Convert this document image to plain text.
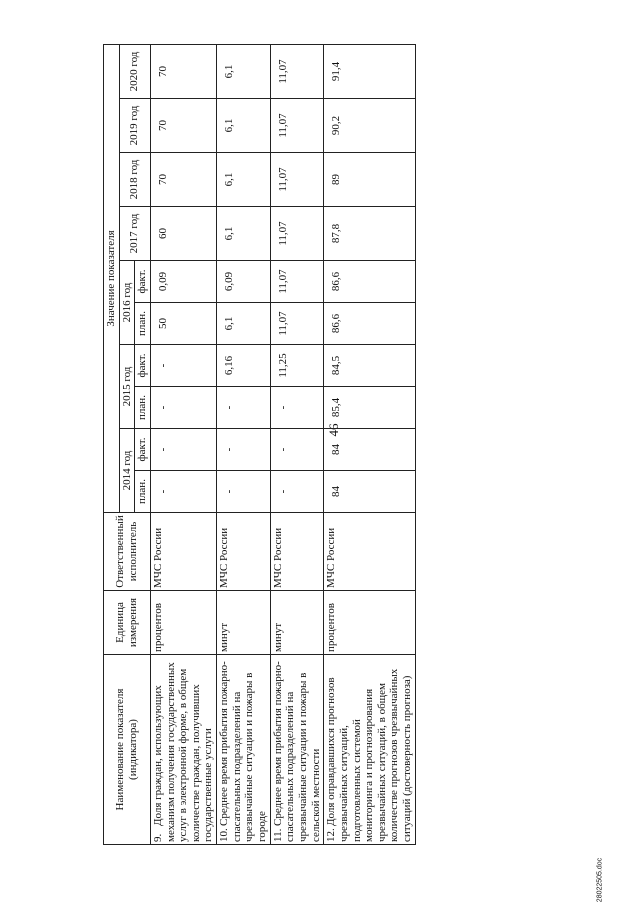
46
28022505.doc
Наименование показателя (индикатора)	Единица измерения	Ответственный исполнитель	Значение показателя									
			2014 год		2015 год		2016 год		2017 год	2018 год	2019 год	2020 год
			план.	факт.	план.	факт.	план.	факт.				
9.Доля граждан, использующих механизм получения государственных услуг в электронной форме, в общем количестве граждан, получивших государственные услуги	процентов	МЧС России	-	-	-	-	50	0,09	60	70	70	70
10.Среднее время прибытия пожарно-спасательных подразделений на чрезвычайные ситуации и пожары в городе	минут	МЧС России	-	-	-	6,16	6,1	6,09	6,1	6,1	6,1	6,1
11.Среднее время прибытия пожарно-спасательных подразделений на чрезвычайные ситуации и пожары в сельской местности	минут	МЧС России	-	-	-	11,25	11,07	11,07	11,07	11,07	11,07	11,07
12.Доля оправдавшихся прогнозов чрезвычайных ситуаций, подготовленных системой мониторинга и прогнозирования чрезвычайных ситуаций, в общем количестве прогнозов чрезвычайных ситуаций (достоверность прогноза)	процентов	МЧС России	84	84	85,4	84,5	86,6	86,6	87,8	89	90,2	91,4
